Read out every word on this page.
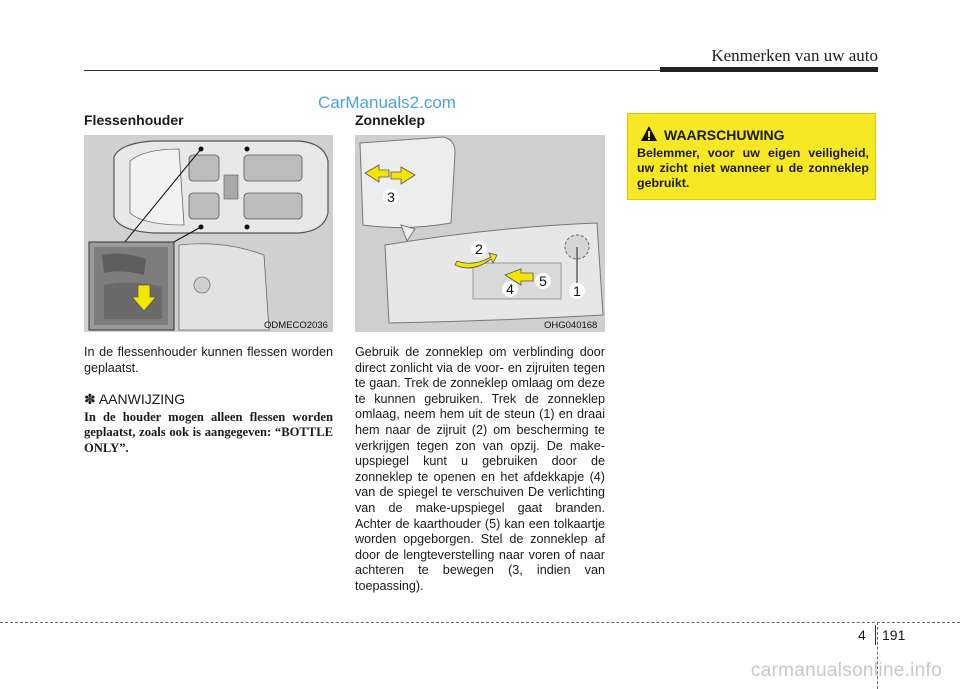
Kenmerken van uw auto
CarManuals2.com
Flessenhouder
ODMECO2036
In de flessenhouder kunnen flessen worden geplaatst.
✽ AANWIJZING
In de houder mogen alleen flessen worden geplaatst, zoals ook is aangegeven: “BOTTLE ONLY”.
Zonneklep
3
2
5
4	1
OHG040168
Gebruik de zonneklep om verblinding door direct zonlicht via de voor- en zijruiten tegen te gaan. Trek de zonneklep omlaag om deze te kunnen gebruiken. Trek de zonneklep omlaag, neem hem uit de steun (1) en draai hem naar de zijruit (2) om bescherming te verkrijgen tegen zon van opzij. De make-upspiegel kunt u gebruiken door de zonneklep te openen en het afdekkapje (4) van de spiegel te verschuiven De verlichting van de make-upspiegel gaat branden. Achter de kaarthouder (5) kan een tolkaartje worden opgeborgen. Stel de zonneklep af door de lengteverstelling naar voren of naar achteren te bewegen (3, indien van toepassing).
WAARSCHUWING
Belemmer, voor uw eigen veiligheid, uw zicht niet wanneer u de zonneklep gebruikt.
4 191
carmanualsonline.info
